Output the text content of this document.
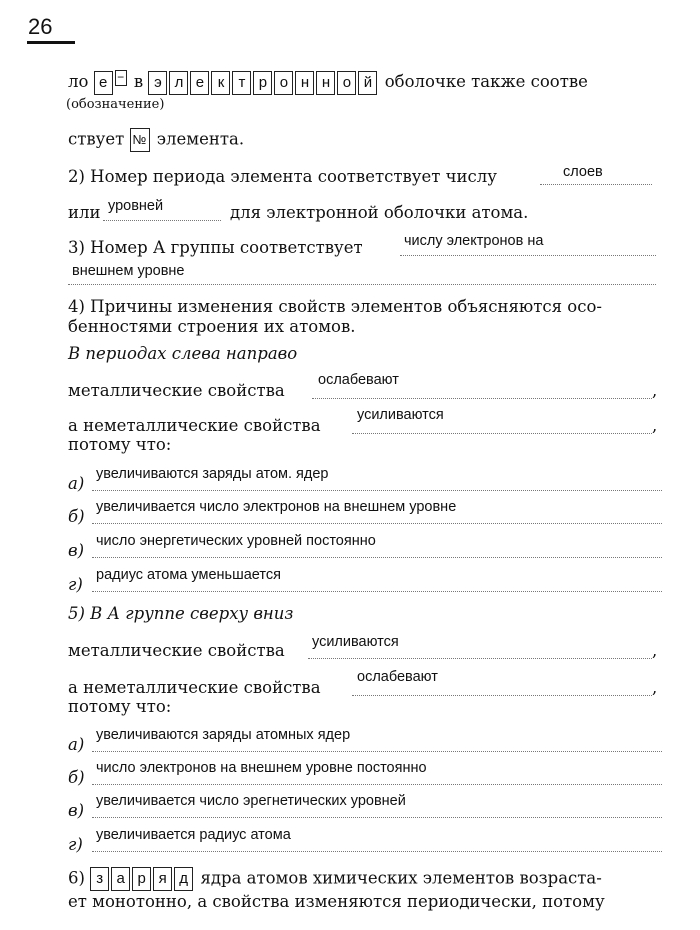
26
ло е − в э л е к т р о н н о й оболочке также соотве
(обозначение)
ствует № элемента.
2) Номер периода элемента соответствует числу	слоев
или уровней	для электронной оболочки атома.
3) Номер А группы соответствует	числу электронов на
внешнем уровне
4) Причины изменения свойств элементов объясняются осо-
бенностями строения их атомов.
В периодах слева направо
металлические свойства
ослабевают
,
а неметаллические свойства
усиливаются
,
потому что:
а) увеличиваются заряды атом. ядер
б) увеличивается число электронов на внешнем уровне
в) число энергетических уровней постоянно
г) радиус атома уменьшается
5) В А группе сверху вниз
металлические свойства усиливаются	,
а неметаллические свойства
ослабевают
,
потому что:
а) увеличиваются заряды атомных ядер
б) число электронов на внешнем уровне постоянно
в) увеличивается число эрегнетических уровней
г) увеличивается радиус атома
6) з а р я д ядра атомов химических элементов возраста-
ет монотонно, а свойства изменяются периодически, потому
